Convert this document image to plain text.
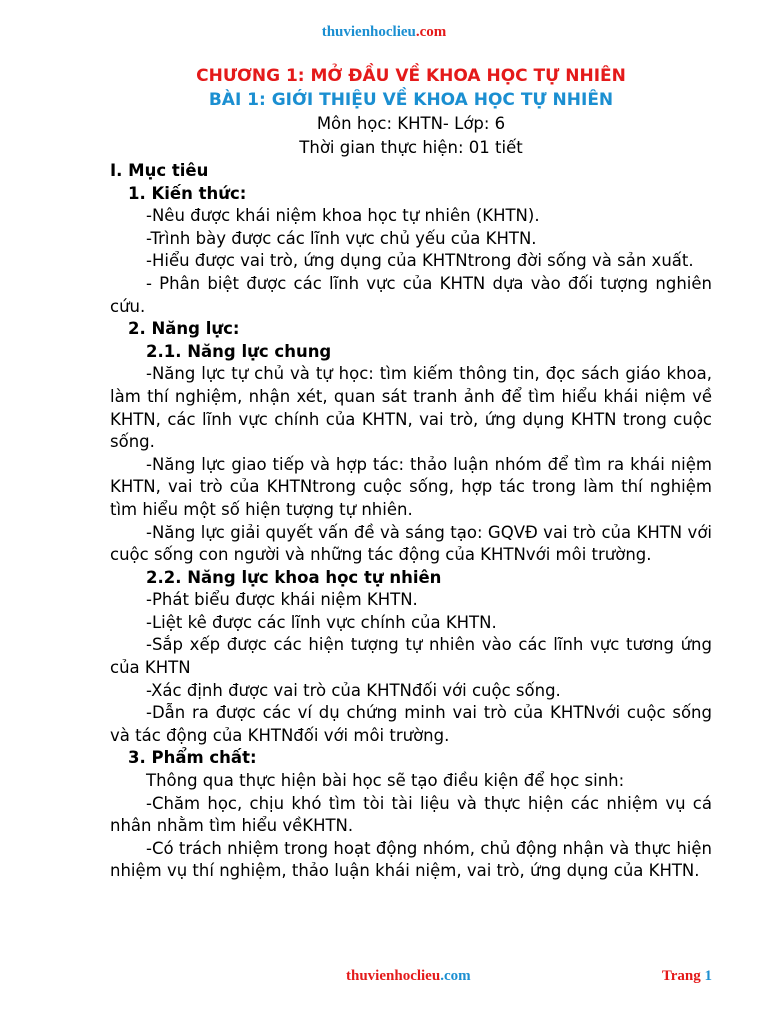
thuvienhoclieu.com
CHƯƠNG 1: MỞ ĐẦU VỀ KHOA HỌC TỰ NHIÊN
BÀI 1: GIỚI THIỆU VỀ KHOA HỌC TỰ NHIÊN
Môn học: KHTN- Lớp: 6
Thời gian thực hiện: 01 tiết

I. Mục tiêu

1. Kiến thức:

-Nêu được khái niệm khoa học tự nhiên (KHTN).

-Trình bày được các lĩnh vực chủ yếu của KHTN.

-Hiểu được vai trò, ứng dụng của KHTNtrong đời sống và sản xuất.

- Phân biệt được các lĩnh vực của KHTN dựa vào đối tượng nghiên cứu.

2. Năng lực:

2.1. Năng lực chung

-Năng lực tự chủ và tự học: tìm kiếm thông tin, đọc sách giáo khoa, làm thí nghiệm, nhận xét, quan sát tranh ảnh để tìm hiểu khái niệm về KHTN, các lĩnh vực chính của KHTN, vai trò, ứng dụng KHTN trong cuộc sống.

-Năng lực giao tiếp và hợp tác: thảo luận nhóm để tìm ra khái niệm KHTN, vai trò của KHTNtrong cuộc sống, hợp tác trong làm thí nghiệm tìm hiểu một số hiện tượng tự nhiên.

-Năng lực giải quyết vấn đề và sáng tạo: GQVĐ vai trò của KHTN với cuộc sống con người và những tác động của KHTNvới môi trường.

2.2. Năng lực khoa học tự nhiên

-Phát biểu được khái niệm KHTN.

-Liệt kê được các lĩnh vực chính của KHTN.

-Sắp xếp được các hiện tượng tự nhiên vào các lĩnh vực tương ứng của KHTN

-Xác định được vai trò của KHTNđối với cuộc sống.

-Dẫn ra được các ví dụ chứng minh vai trò của KHTNvới cuộc sống và tác động của KHTNđối với môi trường.

3. Phẩm chất:

Thông qua thực hiện bài học sẽ tạo điều kiện để học sinh:

-Chăm học, chịu khó tìm tòi tài liệu và thực hiện các nhiệm vụ cá nhân nhằm tìm hiểu vềKHTN.

-Có trách nhiệm trong hoạt động nhóm, chủ động nhận và thực hiện nhiệm vụ thí nghiệm, thảo luận khái niệm, vai trò, ứng dụng của KHTN.

thuvienhoclieu.com	Trang 1
